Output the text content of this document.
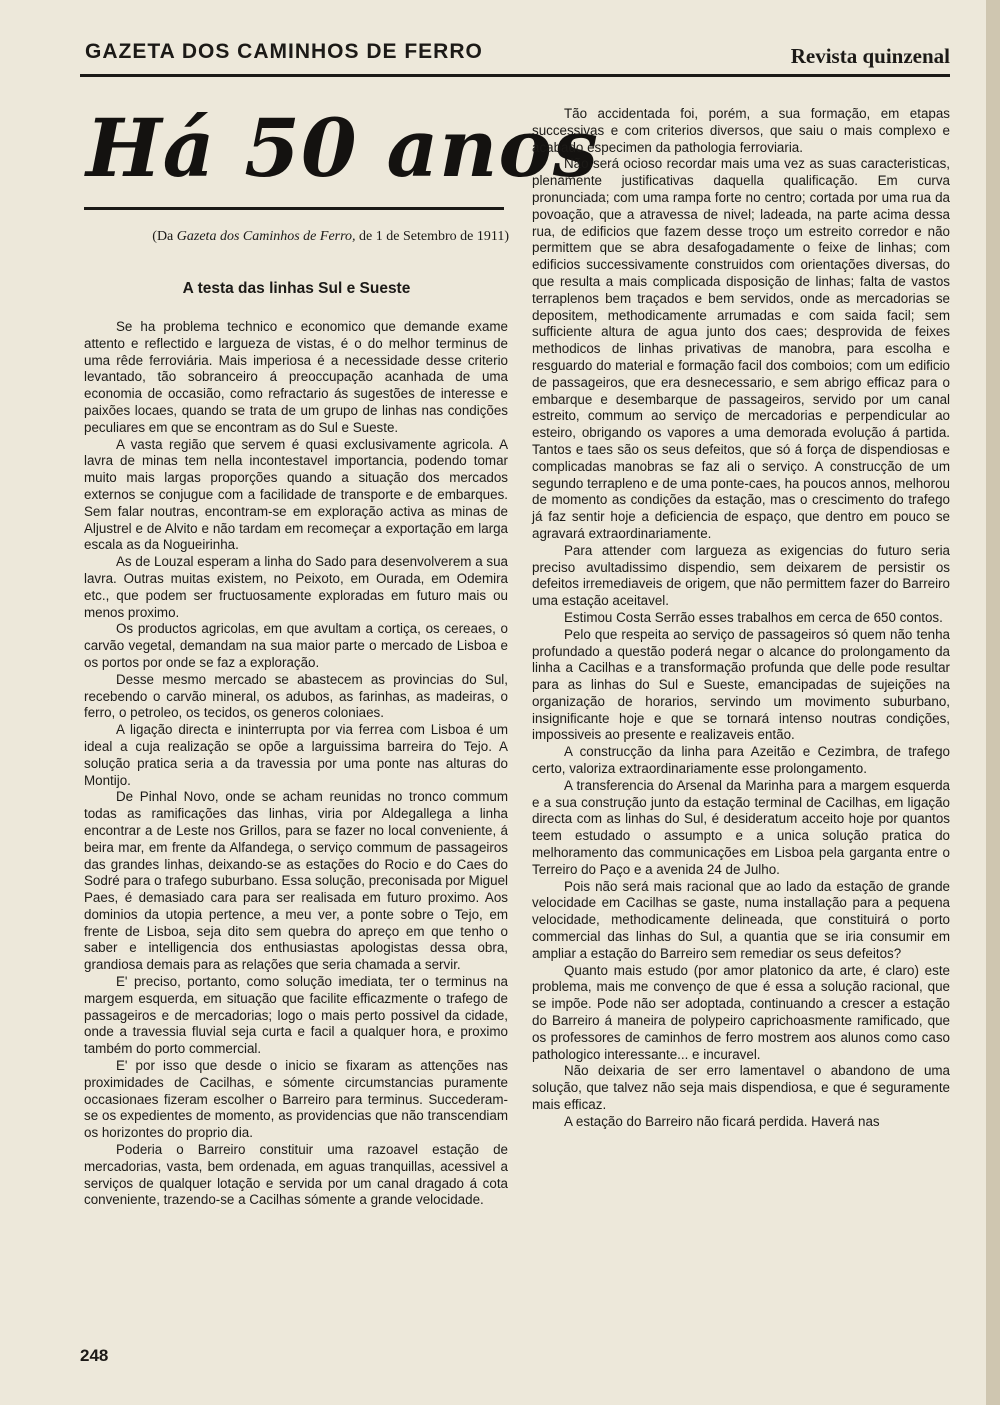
GAZETA DOS CAMINHOS DE FERRO	Revista quinzenal
Há 50 anos
(Da Gazeta dos Caminhos de Ferro, de 1 de Setembro de 1911)
A testa das linhas Sul e Sueste

Se ha problema technico e economico que demande exame attento e reflectido e largueza de vistas, é o do melhor terminus de uma rêde ferroviária. Mais imperiosa é a necessidade desse criterio levantado, tão sobranceiro á preoccupação acanhada de uma economia de occasião, como refractario ás sugestões de interesse e paixões locaes, quando se trata de um grupo de linhas nas condições peculiares em que se encontram as do Sul e Sueste.

A vasta região que servem é quasi exclusivamente agricola. A lavra de minas tem nella incontestavel importancia, podendo tomar muito mais largas proporções quando a situação dos mercados externos se conjugue com a facilidade de transporte e de embarques. Sem falar noutras, encontram-se em exploração activa as minas de Aljustrel e de Alvito e não tardam em recomeçar a exportação em larga escala as da Nogueirinha.

As de Louzal esperam a linha do Sado para desenvolverem a sua lavra. Outras muitas existem, no Peixoto, em Ourada, em Odemira etc., que podem ser fructuosamente exploradas em futuro mais ou menos proximo.

Os productos agricolas, em que avultam a cortiça, os cereaes, o carvão vegetal, demandam na sua maior parte o mercado de Lisboa e os portos por onde se faz a exploração.

Desse mesmo mercado se abastecem as provincias do Sul, recebendo o carvão mineral, os adubos, as farinhas, as madeiras, o ferro, o petroleo, os tecidos, os generos coloniaes.

A ligação directa e ininterrupta por via ferrea com Lisboa é um ideal a cuja realização se opõe a larguissima barreira do Tejo. A solução pratica seria a da travessia por uma ponte nas alturas do Montijo.

De Pinhal Novo, onde se acham reunidas no tronco commum todas as ramificações das linhas, viria por Aldegallega a linha encontrar a de Leste nos Grillos, para se fazer no local conveniente, á beira mar, em frente da Alfandega, o serviço commum de passageiros das grandes linhas, deixando-se as estações do Rocio e do Caes do Sodré para o trafego suburbano. Essa solução, preconisada por Miguel Paes, é demasiado cara para ser realisada em futuro proximo. Aos dominios da utopia pertence, a meu ver, a ponte sobre o Tejo, em frente de Lisboa, seja dito sem quebra do apreço em que tenho o saber e intelligencia dos enthusiastas apologistas dessa obra, grandiosa demais para as relações que seria chamada a servir.

E' preciso, portanto, como solução imediata, ter o terminus na margem esquerda, em situação que facilite efficazmente o trafego de passageiros e de mercadorias; logo o mais perto possivel da cidade, onde a travessia fluvial seja curta e facil a qualquer hora, e proximo também do porto commercial.

E' por isso que desde o inicio se fixaram as attenções nas proximidades de Cacilhas, e sómente circumstancias puramente occasionaes fizeram escolher o Barreiro para terminus. Succederam-se os expedientes de momento, as providencias que não transcendiam os horizontes do proprio dia.

Poderia o Barreiro constituir uma razoavel estação de mercadorias, vasta, bem ordenada, em aguas tranquillas, acessivel a serviços de qualquer lotação e servida por um canal dragado á cota conveniente, trazendo-se a Cacilhas sómente a grande velocidade.

Tão accidentada foi, porém, a sua formação, em etapas successivas e com criterios diversos, que saiu o mais complexo e acabado especimen da pathologia ferroviaria.

Não será ocioso recordar mais uma vez as suas caracteristicas, plenamente justificativas daquella qualificação. Em curva pronunciada; com uma rampa forte no centro; cortada por uma rua da povoação, que a atravessa de nivel; ladeada, na parte acima dessa rua, de edificios que fazem desse troço um estreito corredor e não permittem que se abra desafogadamente o feixe de linhas; com edificios successivamente construidos com orientações diversas, do que resulta a mais complicada disposição de linhas; falta de vastos terraplenos bem traçados e bem servidos, onde as mercadorias se depositem, methodicamente arrumadas e com saida facil; sem sufficiente altura de agua junto dos caes; desprovida de feixes methodicos de linhas privativas de manobra, para escolha e resguardo do material e formação facil dos comboios; com um edificio de passageiros, que era desnecessario, e sem abrigo efficaz para o embarque e desembarque de passageiros, servido por um canal estreito, commum ao serviço de mercadorias e perpendicular ao esteiro, obrigando os vapores a uma demorada evolução á partida. Tantos e taes são os seus defeitos, que só á força de dispendiosas e complicadas manobras se faz ali o serviço. A construcção de um segundo terrapleno e de uma ponte-caes, ha poucos annos, melhorou de momento as condições da estação, mas o crescimento do trafego já faz sentir hoje a deficiencia de espaço, que dentro em pouco se agravará extraordinariamente.

Para attender com largueza as exigencias do futuro seria preciso avultadissimo dispendio, sem deixarem de persistir os defeitos irremediaveis de origem, que não permittem fazer do Barreiro uma estação aceitavel.

Estimou Costa Serrão esses trabalhos em cerca de 650 contos.

Pelo que respeita ao serviço de passageiros só quem não tenha profundado a questão poderá negar o alcance do prolongamento da linha a Cacilhas e a transformação profunda que delle pode resultar para as linhas do Sul e Sueste, emancipadas de sujeições na organização de horarios, servindo um movimento suburbano, insignificante hoje e que se tornará intenso noutras condições, impossiveis ao presente e realizaveis então.

A construcção da linha para Azeitão e Cezimbra, de trafego certo, valoriza extraordinariamente esse prolongamento.

A transferencia do Arsenal da Marinha para a margem esquerda e a sua construção junto da estação terminal de Cacilhas, em ligação directa com as linhas do Sul, é desideratum acceito hoje por quantos teem estudado o assumpto e a unica solução pratica do melhoramento das communicações em Lisboa pela garganta entre o Terreiro do Paço e a avenida 24 de Julho.

Pois não será mais racional que ao lado da estação de grande velocidade em Cacilhas se gaste, numa installação para a pequena velocidade, methodicamente delineada, que constituirá o porto commercial das linhas do Sul, a quantia que se iria consumir em ampliar a estação do Barreiro sem remediar os seus defeitos?

Quanto mais estudo (por amor platonico da arte, é claro) este problema, mais me convenço de que é essa a solução racional, que se impõe. Pode não ser adoptada, continuando a crescer a estação do Barreiro á maneira de polypeiro caprichoasmente ramificado, que os professores de caminhos de ferro mostrem aos alunos como caso pathologico interessante... e incuravel.

Não deixaria de ser erro lamentavel o abandono de uma solução, que talvez não seja mais dispendiosa, e que é seguramente mais efficaz.

A estação do Barreiro não ficará perdida. Haverá nas

248
